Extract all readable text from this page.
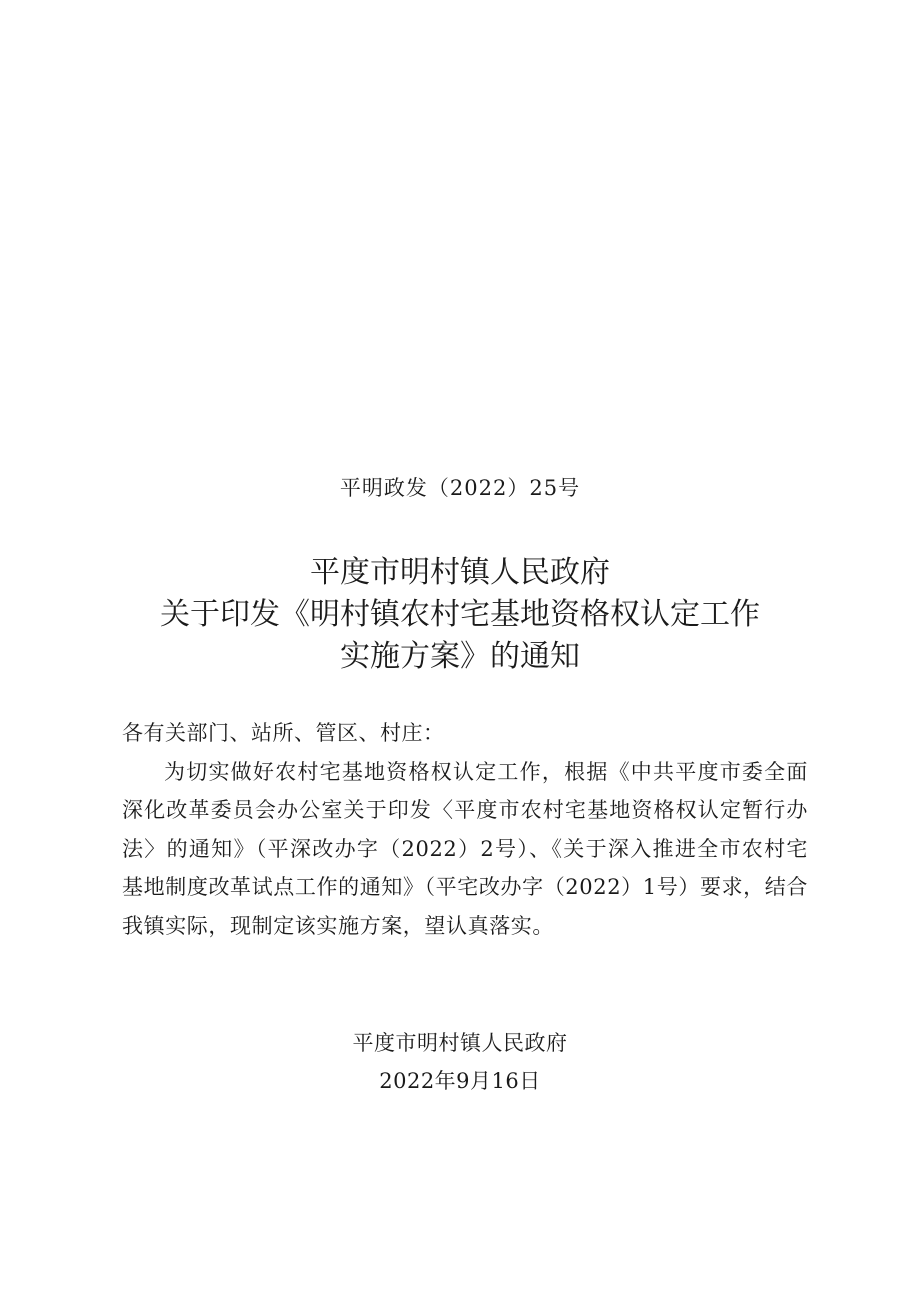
平明政发（2022）25号
平度市明村镇人民政府
关于印发《明村镇农村宅基地资格权认定工作
实施方案》的通知

各有关部门、站所、管区、村庄：

为切实做好农村宅基地资格权认定工作，根据《中共平度市委全面深化改革委员会办公室关于印发〈平度市农村宅基地资格权认定暂行办法〉的通知》（平深改办字（2022）2号）、《关于深入推进全市农村宅基地制度改革试点工作的通知》（平宅改办字（2022）1号）要求，结合我镇实际，现制定该实施方案，望认真落实。

平度市明村镇人民政府
2022年9月16日
